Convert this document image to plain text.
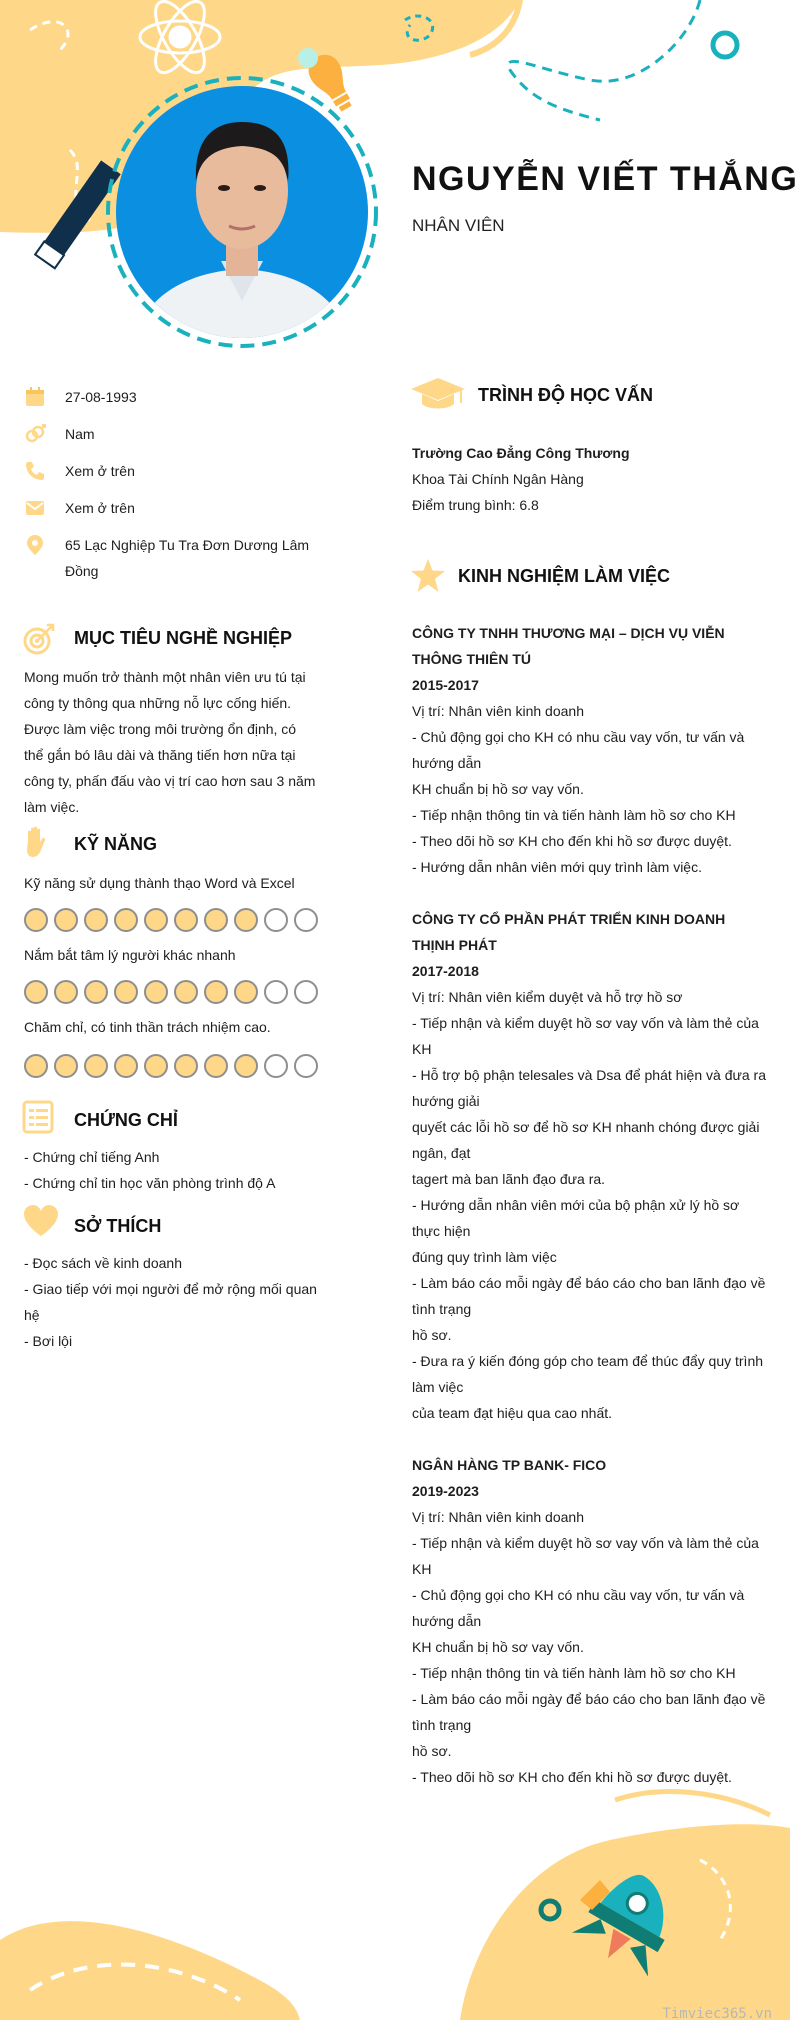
NGUYỄN VIẾT THẮNG
NHÂN VIÊN
27-08-1993
Nam
Xem ở trên
Xem ở trên
65 Lạc Nghiệp Tu Tra Đơn Dương Lâm Đồng
MỤC TIÊU NGHỀ NGHIỆP
Mong muốn trở thành một nhân viên ưu tú tại công ty thông qua những nỗ lực cống hiến. Được làm việc trong môi trường ổn định, có thể gắn bó lâu dài và thăng tiến hơn nữa tại công ty, phấn đấu vào vị trí cao hơn sau 3 năm làm việc.
KỸ NĂNG
Kỹ năng sử dụng thành thạo Word và Excel
Nắm bắt tâm lý người khác nhanh
Chăm chỉ, có tinh thần trách nhiệm cao.
CHỨNG CHỈ
- Chứng chỉ tiếng Anh
- Chứng chỉ tin học văn phòng trình độ A
SỞ THÍCH
- Đọc sách về kinh doanh
- Giao tiếp với mọi người để mở rộng mối quan hệ
- Bơi lội
TRÌNH ĐỘ HỌC VẤN
Trường Cao Đẳng Công Thương
Khoa Tài Chính Ngân Hàng
Điểm trung bình: 6.8
KINH NGHIỆM LÀM VIỆC
CÔNG TY TNHH THƯƠNG MẠI – DỊCH VỤ VIỄN THÔNG THIÊN TÚ
2015-2017
Vị trí: Nhân viên kinh doanh
- Chủ động gọi cho KH có nhu cầu vay vốn, tư vấn và hướng dẫn
KH chuẩn bị hồ sơ vay vốn.
- Tiếp nhận thông tin và tiến hành làm hồ sơ cho KH
- Theo dõi hồ sơ KH cho đến khi hồ sơ được duyệt.
- Hướng dẫn nhân viên mới quy trình làm việc.
CÔNG TY CỔ PHẦN PHÁT TRIỂN KINH DOANH THỊNH PHÁT
2017-2018
Vị trí: Nhân viên kiểm duyệt và hỗ trợ hồ sơ
- Tiếp nhận và kiểm duyệt hồ sơ vay vốn và làm thẻ của KH
- Hỗ trợ bộ phận telesales và Dsa để phát hiện và đưa ra hướng giải
quyết các lỗi hồ sơ để hồ sơ KH nhanh chóng được giải ngân, đạt
tagert mà ban lãnh đạo đưa ra.
- Hướng dẫn nhân viên mới của bộ phận xử lý hồ sơ thực hiện
đúng quy trình làm việc
- Làm báo cáo mỗi ngày để báo cáo cho ban lãnh đạo về tình trạng
hồ sơ.
- Đưa ra ý kiến đóng góp cho team để thúc đẩy quy trình làm việc
của team đạt hiệu qua cao nhất.
NGÂN HÀNG TP BANK- FICO
2019-2023
Vị trí: Nhân viên kinh doanh
- Tiếp nhận và kiểm duyệt hồ sơ vay vốn và làm thẻ của KH
- Chủ động gọi cho KH có nhu cầu vay vốn, tư vấn và hướng dẫn
KH chuẩn bị hồ sơ vay vốn.
- Tiếp nhận thông tin và tiến hành làm hồ sơ cho KH
- Làm báo cáo mỗi ngày để báo cáo cho ban lãnh đạo về tình trạng
hồ sơ.
- Theo dõi hồ sơ KH cho đến khi hồ sơ được duyệt.
Timviec365.vn
